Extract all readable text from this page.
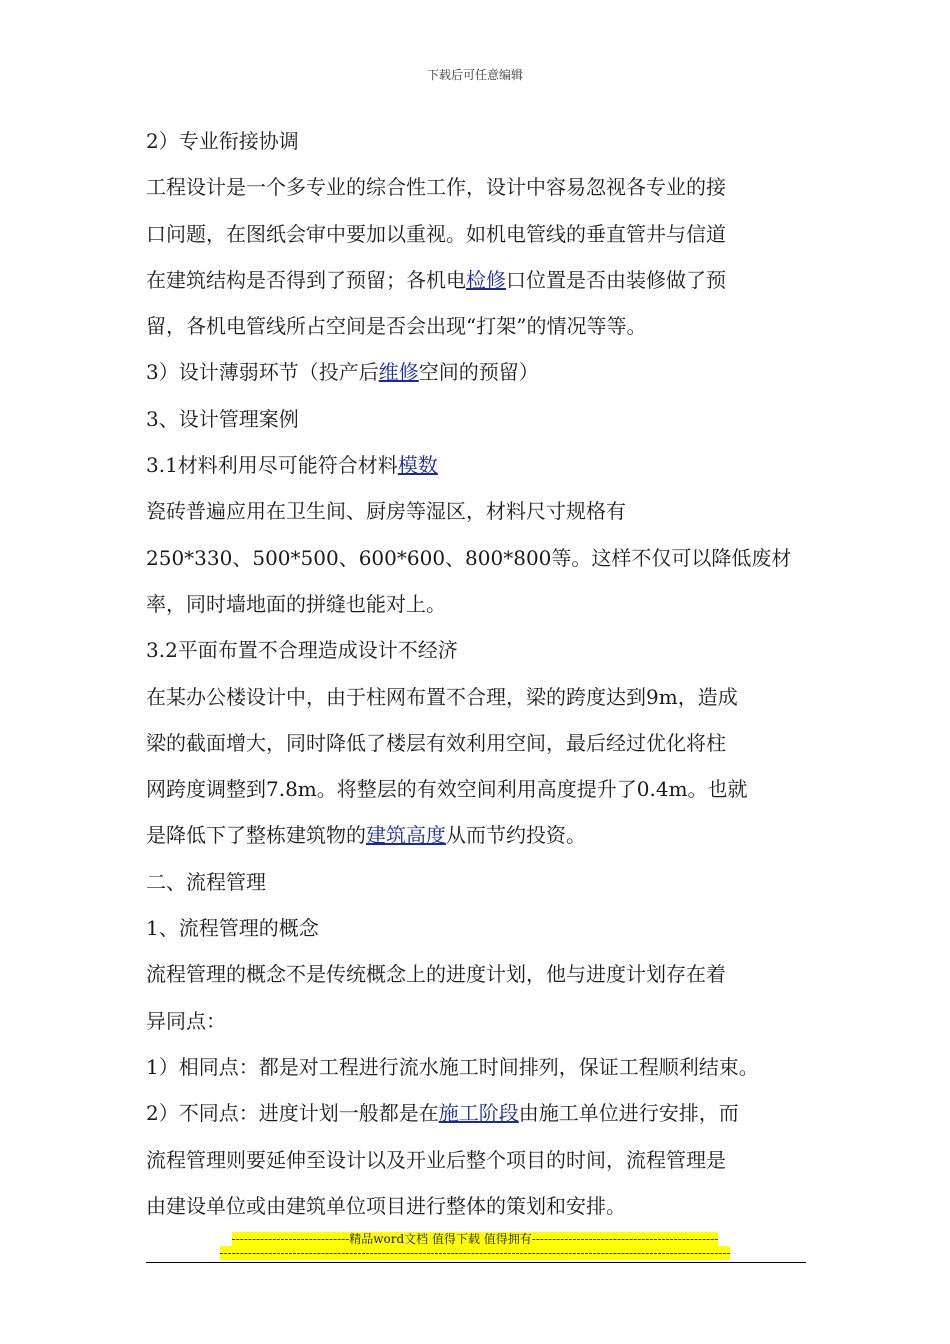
下载后可任意编辑
2）专业衔接协调
工程设计是一个多专业的综合性工作，设计中容易忽视各专业的接
口问题，在图纸会审中要加以重视。如机电管线的垂直管井与信道
在建筑结构是否得到了预留；各机电检修口位置是否由装修做了预
留，各机电管线所占空间是否会出现“打架”的情况等等。
3）设计薄弱环节（投产后维修空间的预留）
3、设计管理案例
3.1材料利用尽可能符合材料模数
瓷砖普遍应用在卫生间、厨房等湿区，材料尺寸规格有
250*330、500*500、600*600、800*800等。这样不仅可以降低废材
率，同时墙地面的拼缝也能对上。
3.2平面布置不合理造成设计不经济
在某办公楼设计中，由于柱网布置不合理，梁的跨度达到9m，造成
梁的截面增大，同时降低了楼层有效利用空间，最后经过优化将柱
网跨度调整到7.8m。将整层的有效空间利用高度提升了0.4m。也就
是降低下了整栋建筑物的建筑高度从而节约投资。
二、流程管理
1、流程管理的概念
流程管理的概念不是传统概念上的进度计划，他与进度计划存在着
异同点：
1）相同点：都是对工程进行流水施工时间排列，保证工程顺利结束。
2）不同点：进度计划一般都是在施工阶段由施工单位进行安排，而
流程管理则要延伸至设计以及开业后整个项目的时间，流程管理是
由建设单位或由建筑单位项目进行整体的策划和安排。
-----------------------------精品word文档 值得下载 值得拥有----------------------------------------------
------------------------------------------------------------------------------------------------------------------------------
